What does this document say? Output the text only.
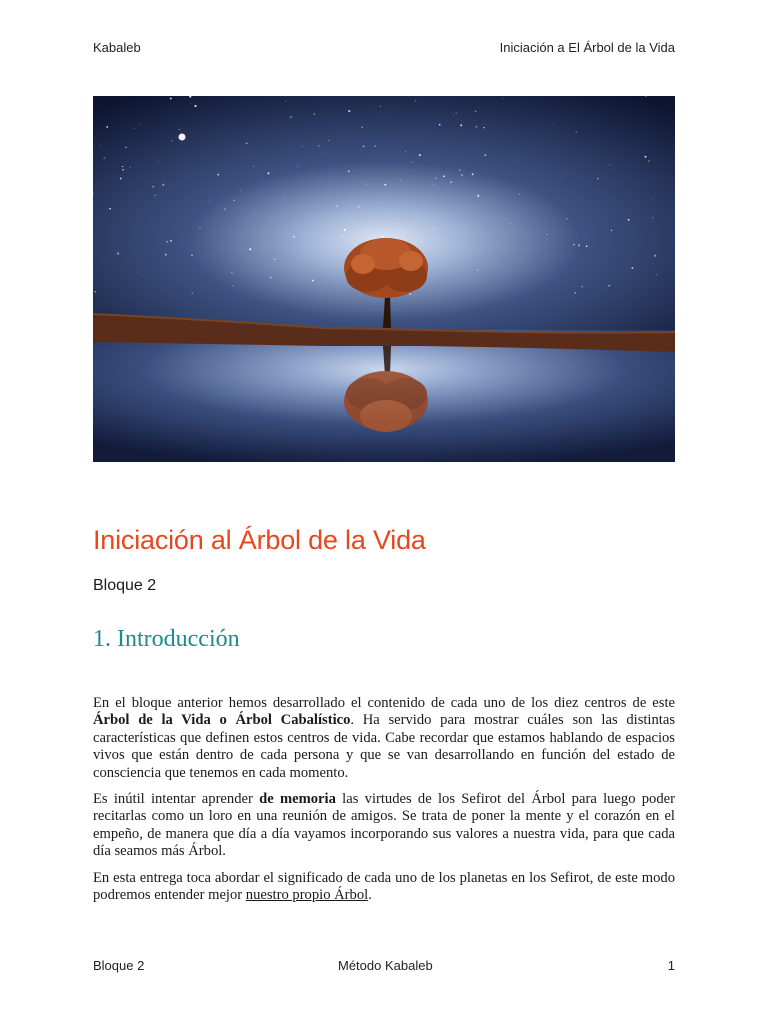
Kabaleb	Iniciación a El Árbol de la Vida
Iniciación al Árbol de la Vida
Bloque 2
1. Introducción

En el bloque anterior hemos desarrollado el contenido de cada uno de los diez centros de este Árbol de la Vida o Árbol Cabalístico. Ha servido para mostrar cuáles son las distintas características que definen estos centros de vida. Cabe recordar que estamos hablando de espacios vivos que están dentro de cada persona y que se van desarrollando en función del estado de consciencia que tenemos en cada momento.

Es inútil intentar aprender de memoria las virtudes de los Sefirot del Árbol para luego poder recitarlas como un loro en una reunión de amigos. Se trata de poner la mente y el corazón en el empeño, de manera que día a día vayamos incorporando sus valores a nuestra vida, para que cada día seamos más Árbol.

En esta entrega toca abordar el significado de cada uno de los planetas en los Sefirot, de este modo podremos entender mejor nuestro propio Árbol.

Bloque 2	Método Kabaleb	1
